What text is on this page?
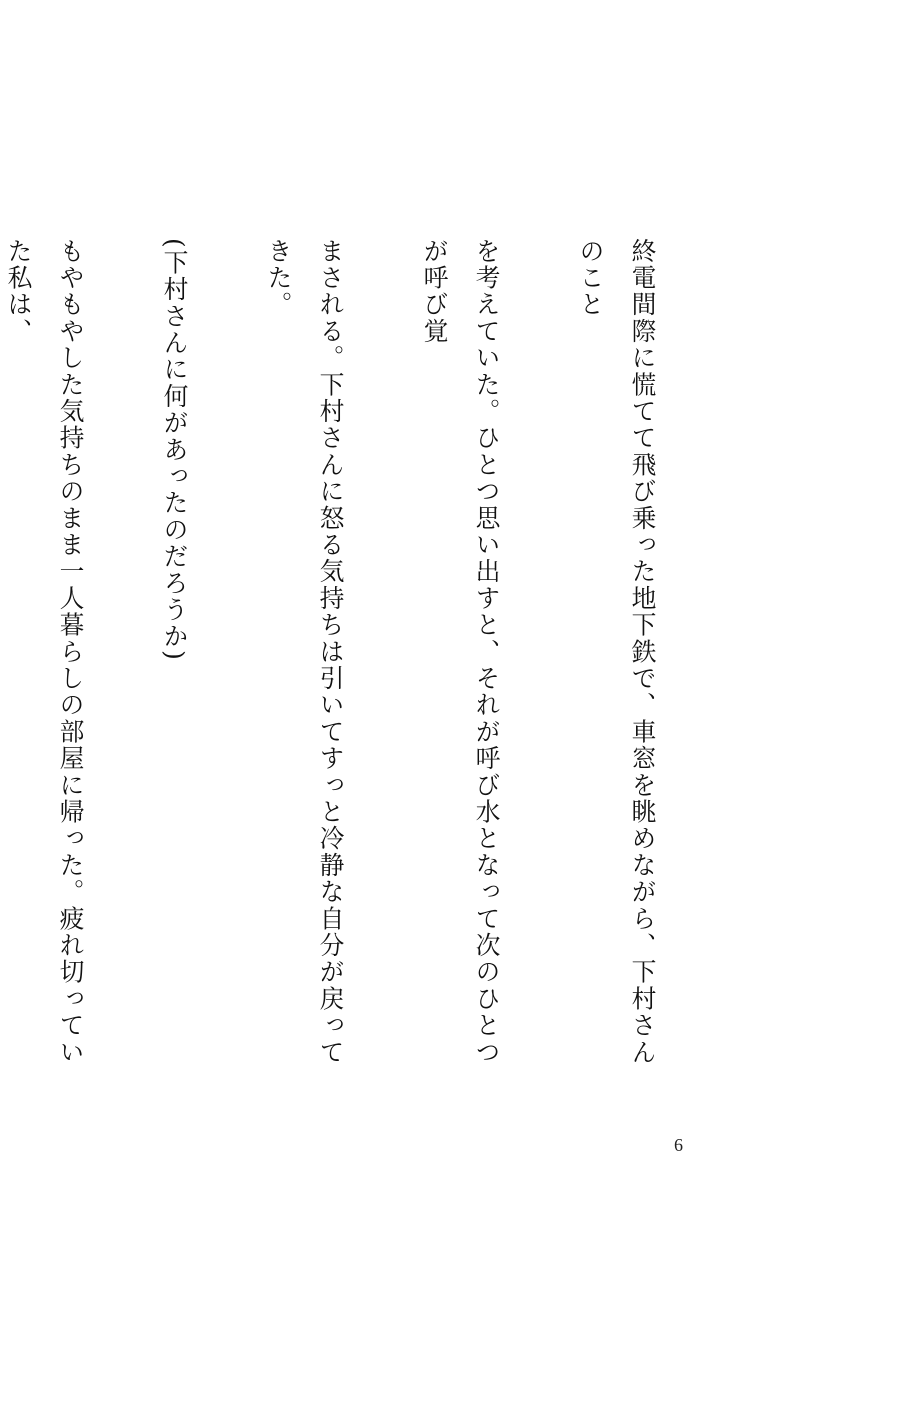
終電間際に慌てて飛び乗った地下鉄で、車窓を眺めながら、下村さんのこと

を考えていた。ひとつ思い出すと、それが呼び水となって次のひとつが呼び覚

まされる。下村さんに怒る気持ちは引いてすっと冷静な自分が戻ってきた。

(下村さんに何があったのだろうか)

もやもやした気持ちのまま一人暮らしの部屋に帰った。疲れ切っていた私は、

6
